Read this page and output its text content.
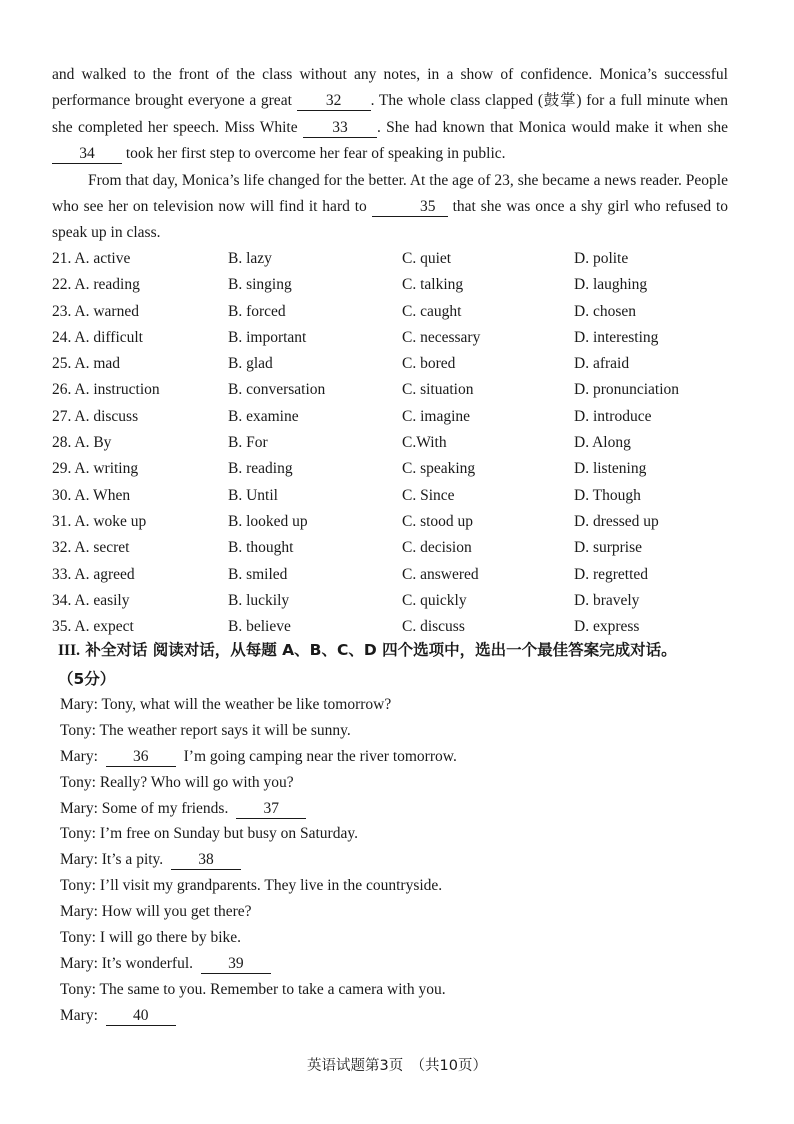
and walked to the front of the class without any notes, in a show of confidence. Monica’s successful performance brought everyone a great 32 . The whole class clapped (鼓掌) for a full minute when she completed her speech. Miss White 33 . She had known that Monica would make it when she 34 took her first step to overcome her fear of speaking in public.

From that day, Monica’s life changed for the better. At the age of 23, she became a news reader. People who see her on television now will find it hard to	35 that she was once a shy girl who refused to speak up in class.

21. A. active	B. lazy	C. quiet	D. polite
22. A. reading	B. singing	C. talking	D. laughing
23. A. warned	B. forced	C. caught	D. chosen
24. A. difficult	B. important	C. necessary	D. interesting
25. A. mad	B. glad	C. bored	D. afraid
26. A. instruction	B. conversation	C. situation	D. pronunciation
27. A. discuss	B. examine	C. imagine	D. introduce
28. A. By	B. For	C.With	D. Along
29. A. writing	B. reading	C. speaking	D. listening
30. A. When	B. Until	C. Since	D. Though
31. A. woke up	B. looked up	C. stood up	D. dressed up
32. A. secret	B. thought	C. decision	D. surprise
33. A. agreed	B. smiled	C. answered	D. regretted
34. A. easily	B. luckily	C. quickly	D. bravely
35. A. expect	B. believe	C. discuss	D. express
III. 补全对话 阅读对话，从每题 A、B、C、D 四个选项中，选出一个最佳答案完成对话。
（5分）
Mary: Tony, what will the weather be like tomorrow?
Tony: The weather report says it will be sunny.
Mary: 36 I’m going camping near the river tomorrow.
Tony: Really? Who will go with you?
Mary: Some of my friends. 37
Tony: I’m free on Sunday but busy on Saturday.
Mary: It’s a pity. 38
Tony: I’ll visit my grandparents. They live in the countryside.
Mary: How will you get there?
Tony: I will go there by bike.
Mary: It’s wonderful. 39
Tony: The same to you. Remember to take a camera with you.
Mary: 40
英语试题第3页　（共10页）
